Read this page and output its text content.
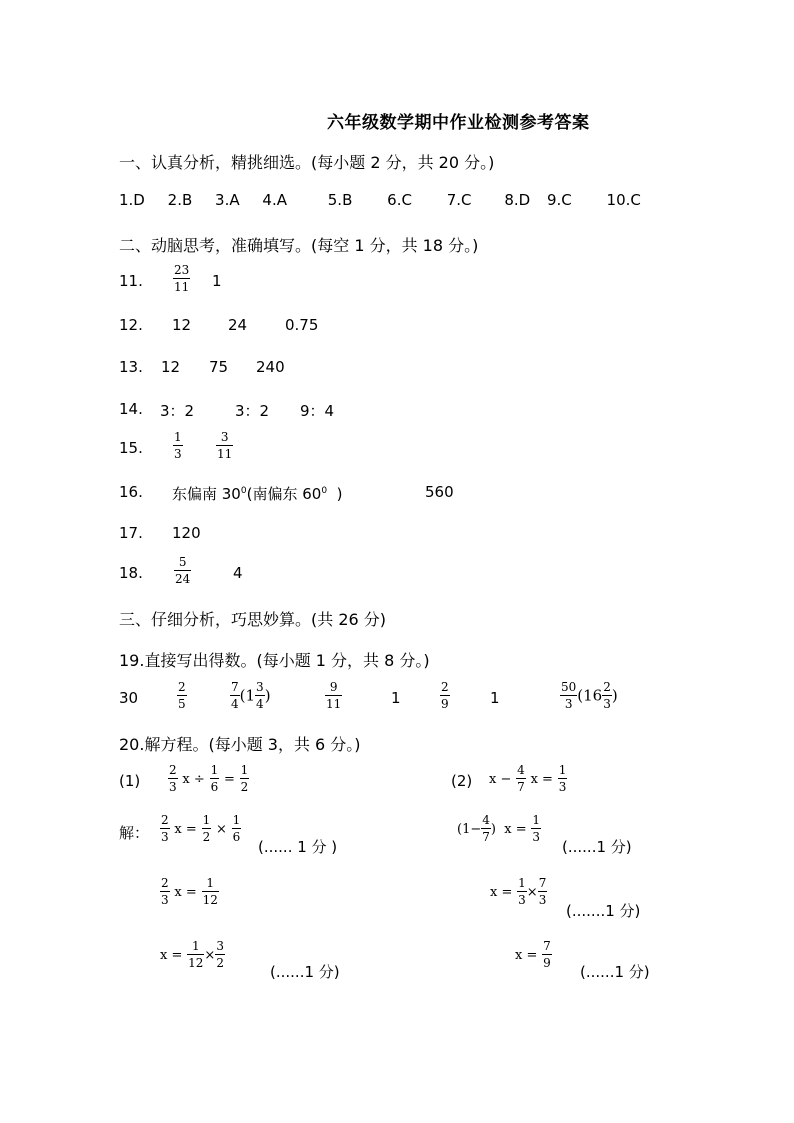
六年级数学期中作业检测参考答案
一、认真分析，精挑细选。(每小题 2 分，共 20 分。)
1.D 2.B 3.A 4.A	5.B 6.C 7.C 8.D 9.C 10.C
二、动脑思考，准确填写。(每空 1 分，共 18 分。)
11.	$\frac{23}{11} 1$
12. 12 24	0.75
13. 12 75 240
14. 3：2	3：2 9：4
15.	$\frac{1}{3}$	$\frac{3}{11}$
16. 东偏南 $30^0$(南偏东 $60^0$  )	560
17. 120
18.	$\frac{5}{24}$	4
三、仔细分析，巧思妙算。(共 26 分)
19.直接写出得数。(每小题 1 分，共 8 分。)
30	$\frac{2}{5}$	$\frac{7}{4} (1 \frac{3}{4}$ )	$\frac{9}{11}$	1	$\frac{2}{9}$	1	$\frac{50}{3} (16 \frac{2}{3}$ )
20.解方程。(每小题 3，共 6 分。)
$(1) \frac{2}{3}$ $x \div \frac{1}{6} = \frac{1}{2}$	(2) $x - \frac{4}{7}$ $x = \frac{1}{3}$
解： $\frac{2}{3}$ $x = \frac{1}{2} \times \frac{1}{6}$
(...... 1 分 )
($1- \frac{4}{7}$ )  $x = \frac{1}{3}$
(......1 分)
$\frac{2}{3}$ $x = \frac{1}{12}$	$x = \frac{1}{3} \times \frac{7}{3}$
(.......1 分)
$x = \frac{1}{12} \times \frac{3}{2}$
(......1 分)
$x = \frac{7}{9}$
(......1 分)
